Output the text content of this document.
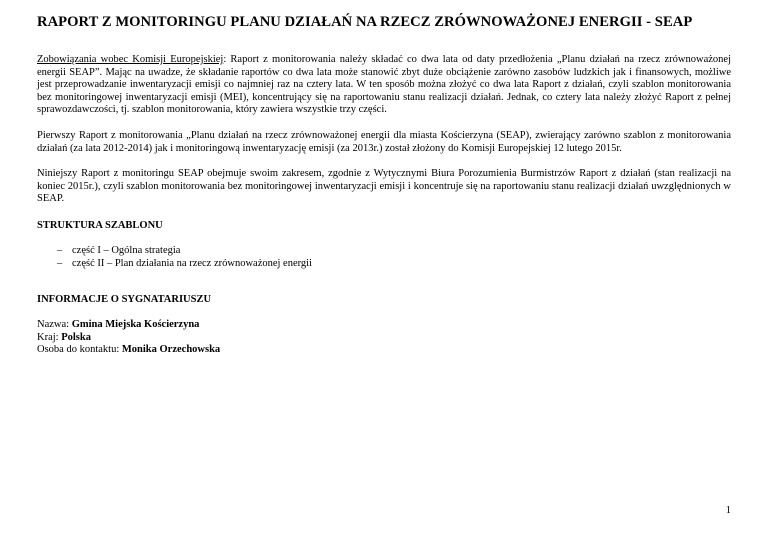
RAPORT Z MONITORINGU PLANU DZIAŁAŃ NA RZECZ ZRÓWNOWAŻONEJ ENERGII - SEAP

Zobowiązania wobec Komisji Europejskiej: Raport z monitorowania należy składać co dwa lata od daty przedłożenia „Planu działań na rzecz zrównoważonej energii SEAP”. Mając na uwadze, że składanie raportów co dwa lata może stanowić zbyt duże obciążenie zarówno zasobów ludzkich jak i finansowych, możliwe jest przeprowadzanie inwentaryzacji emisji co najmniej raz na cztery lata. W ten sposób można złożyć co dwa lata Raport z działań, czyli szablon monitorowania bez monitoringowej inwentaryzacji emisji (MEI), koncentrujący się na raportowaniu stanu realizacji działań. Jednak, co cztery lata należy złożyć Raport z pełnej sprawozdawczości, tj. szablon monitorowania, który zawiera wszystkie trzy części.

Pierwszy Raport z monitorowania „Planu działań na rzecz zrównoważonej energii dla miasta Kościerzyna (SEAP), zwierający zarówno szablon z monitorowania działań (za lata 2012-2014) jak i monitoringową inwentaryzację emisji (za 2013r.) został złożony do Komisji Europejskiej 12 lutego 2015r.

Niniejszy Raport z monitoringu SEAP obejmuje swoim zakresem, zgodnie z Wytycznymi Biura Porozumienia Burmistrzów Raport z działań (stan realizacji na koniec 2015r.), czyli szablon monitorowania bez monitoringowej inwentaryzacji emisji i koncentruje się na raportowaniu stanu realizacji działań uwzględnionych w SEAP.

STRUKTURA SZABLONU
– część I – Ogólna strategia
– część II – Plan działania na rzecz zrównoważonej energii
INFORMACJE O SYGNATARIUSZU
Nazwa: Gmina Miejska Kościerzyna
Kraj: Polska
Osoba do kontaktu: Monika Orzechowska
1
